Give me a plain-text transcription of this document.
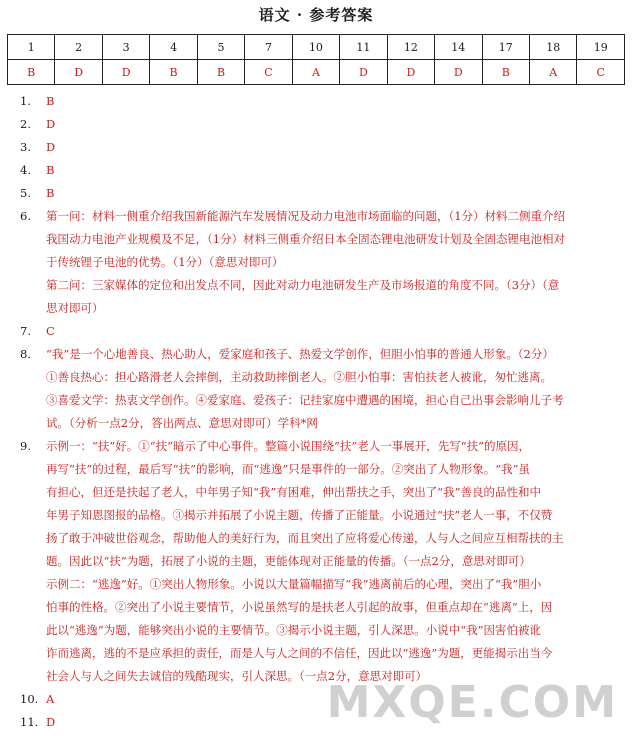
语文 · 参考答案
1	2	3	4	5	7	10	11	12	14	17	18	19
B	D	D	B	B	C	A	D	D	D	B	A	C
1. B
2. D
3. D
4. B
5. B
6. 第一问：材料一侧重介绍我国新能源汽车发展情况及动力电池市场面临的问题，（1分）材料二侧重介绍
我国动力电池产业规模及不足，（1分）材料三侧重介绍日本全固态锂电池研发计划及全固态锂电池相对
于传统锂子电池的优势。（1分）（意思对即可）
第二问：三家媒体的定位和出发点不同，因此对动力电池研发生产及市场报道的角度不同。（3分）（意
思对即可）
7. C
8. “我”是一个心地善良、热心助人，爱家庭和孩子、热爱文学创作，但胆小怕事的普通人形象。（2分）
①善良热心：担心路滑老人会摔倒，主动救助摔倒老人。②胆小怕事：害怕扶老人被讹，匆忙逃离。
③喜爱文学：热衷文学创作。④爱家庭、爱孩子：记挂家庭中遭遇的困境，担心自己出事会影响儿子考
试。（分析一点2分，答出两点、意思对即可）学科*网
9. 示例一：“扶”好。①“扶”暗示了中心事件。整篇小说围绕“扶”老人一事展开，先写“扶”的原因，
再写“扶”的过程，最后写“扶”的影响，而“逃逸”只是事件的一部分。②突出了人物形象。“我”虽
有担心，但还是扶起了老人，中年男子知“我”有困难，伸出帮扶之手，突出了“我”善良的品性和中
年男子知恩图报的品格。③揭示并拓展了小说主题，传播了正能量。小说通过“扶”老人一事，不仅赞
扬了敢于冲破世俗观念，帮助他人的美好行为，而且突出了应将爱心传递，人与人之间应互相帮扶的主
题。因此以“扶”为题，拓展了小说的主题，更能体现对正能量的传播。（一点2分，意思对即可）
示例二：“逃逸”好。①突出人物形象。小说以大量篇幅描写“我”逃离前后的心理，突出了“我”胆小
怕事的性格。②突出了小说主要情节，小说虽然写的是扶老人引起的故事，但重点却在“逃离”上，因
此以“逃逸”为题，能够突出小说的主要情节。③揭示小说主题，引人深思。小说中“我”因害怕被讹
诈而逃离，逃的不是应承担的责任，而是人与人之间的不信任，因此以“逃逸”为题，更能揭示出当今
社会人与人之间失去诚信的残酷现实，引人深思。（一点2分，意思对即可）
10. A
11. D	MXQE.COM
